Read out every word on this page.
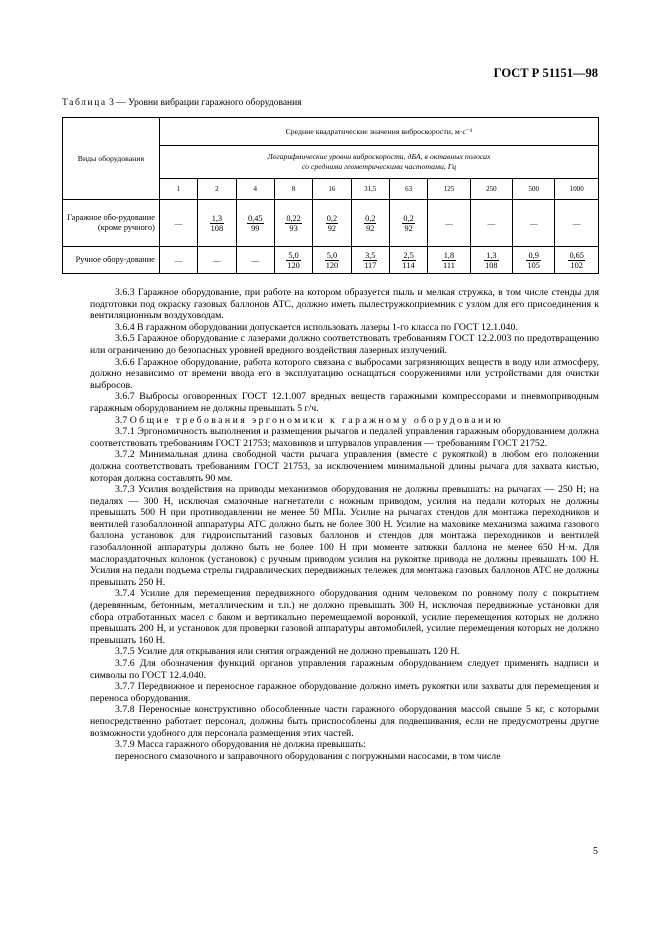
ГОСТ Р 51151—98
Таблица 3 — Уровни вибрации гаражного оборудования
Виды оборудования	Средние квадратические значения виброскорости, м·с⁻¹										
	Логарифмические уровни виброскорости, дБА, в октавных полосах
со средними геометрическими частотами, Гц										
	1	2	4	8	16	31,5	63	125	250	500	1000
Гаражное обо-рудование (кроме ручного)	—	$\frac{1,3}{108}$	$\frac{0,45}{99}$	$\frac{0,22}{93}$	$\frac{0,2}{92}$	$\frac{0,2}{92}$	$\frac{0,2}{92}$	—	—	—	—
Ручное обору-дование	—	—	—	$\frac{5,0}{120}$	$\frac{5,0}{120}$	$\frac{3,5}{117}$	$\frac{2,5}{114}$	$\frac{1,8}{111}$	$\frac{1,3}{108}$	$\frac{0,9}{105}$	$\frac{0,65}{102}$

3.6.3 Гаражное оборудование, при работе на котором образуется пыль и мелкая стружка, в том числе стенды для подготовки под окраску газовых баллонов АТС, должно иметь пылестружкоприемник с узлом для его присоединения к вентиляционным воздуховодам.

3.6.4 В гаражном оборудовании допускается использовать лазеры 1-го класса по ГОСТ 12.1.040.

3.6.5 Гаражное оборудование с лазерами должно соответствовать требованиям ГОСТ 12.2.003 по предотвращению или ограничению до безопасных уровней вредного воздействия лазерных излучений.

3.6.6 Гаражное оборудование, работа которого связана с выбросами загрязняющих веществ в воду или атмосферу, должно независимо от времени ввода его в эксплуатацию оснащаться сооружениями или устройствами для очистки выбросов.

3.6.7 Выбросы оговоренных ГОСТ 12.1.007 вредных веществ гаражными компрессорами и пневмоприводным гаражным оборудованием не должны превышать 5 г/ч.

3.7 Общие требования эргономики к гаражному оборудованию

3.7.1 Эргономичность выполнения и размещения рычагов и педалей управления гаражным оборудованием должна соответствовать требованиям ГОСТ 21753; маховиков и штурвалов управления — требованиям ГОСТ 21752.

3.7.2 Минимальная длина свободной части рычага управления (вместе с рукояткой) в любом его положении должна соответствовать требованиям ГОСТ 21753, за исключением минимальной длины рычага для захвата кистью, которая должна составлять 90 мм.

3.7.3 Усилия воздействия на приводы механизмов оборудования не должны превышать: на рычагах — 250 Н; на педалях — 300 Н, исключая смазочные нагнетатели с ножным приводом, усилия на педали которых не должны превышать 500 Н при противодавлении не менее 50 МПа. Усилие на рычагах стендов для монтажа переходников и вентилей газобаллонной аппаратуры АТС должно быть не более 300 Н. Усилие на маховике механизма зажима газового баллона установок для гидроиспытаний газовых баллонов и стендов для монтажа переходников и вентилей газобаллонной аппаратуры должно быть не более 100 Н при моменте затяжки баллона не менее 650 Н·м. Для маслораздаточных колонок (установок) с ручным приводом усилия на рукоятке привода не должны превышать 100 Н. Усилия на педали подъема стрелы гидравлических передвижных тележек для монтажа газовых баллонов АТС не должны превышать 250 Н.

3.7.4 Усилие для перемещения передвижного оборудования одним человеком по ровному полу с покрытием (деревянным, бетонным, металлическим и т.п.) не должно превышать 300 Н, исключая передвижные установки для сбора отработанных масел с баком и вертикально перемещаемой воронкой, усилие перемещения которых не должно превышать 200 Н, и установок для проверки газовой аппаратуры автомобилей, усилие перемещения которых не должно превышать 160 Н.

3.7.5 Усилие для открывания или снятия ограждений не должно превышать 120 Н.

3.7.6 Для обозначения функций органов управления гаражным оборудованием следует применять надписи и символы по ГОСТ 12.4.040.

3.7.7 Передвижное и переносное гаражное оборудование должно иметь рукоятки или захваты для перемещения и переноса оборудования.

3.7.8 Переносные конструктивно обособленные части гаражного оборудования массой свыше 5 кг, с которыми непосредственно работает персонал, должны быть приспособлены для подвешивания, если не предусмотрены другие возможности удобного для персонала размещения этих частей.

3.7.9 Масса гаражного оборудования не должна превышать:

переносного смазочного и заправочного оборудования с погружными насосами, в том числе

5
